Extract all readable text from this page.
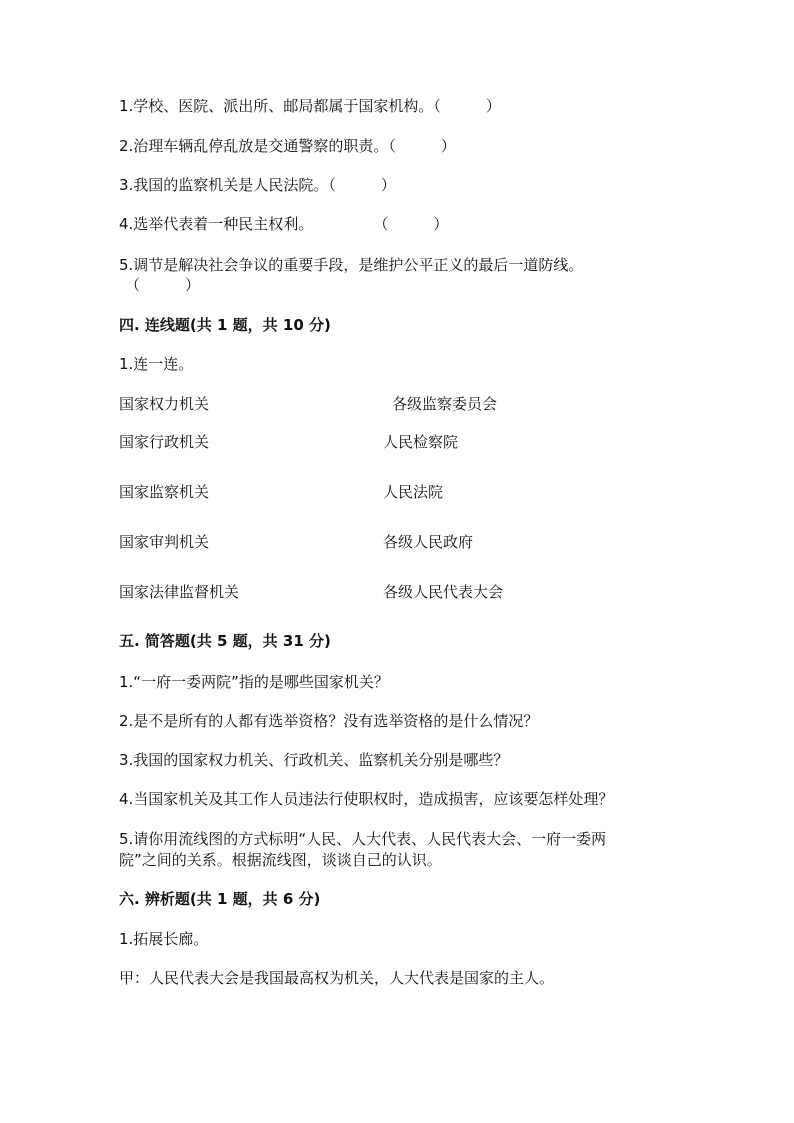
1.学校、医院、派出所、邮局都属于国家机构。（　　　）
2.治理车辆乱停乱放是交通警察的职责。（　　　）
3.我国的监察机关是人民法院。（　　　）
4.选举代表着一种民主权利。　　　　　（　　　）
5.调节是解决社会争议的重要手段，是维护公平正义的最后一道防线。
（　　　）
四. 连线题(共 1 题，共 10 分)
1.连一连。
国家权力机关
国家行政机关
国家监察机关
国家审判机关
国家法律监督机关
各级监察委员会
人民检察院
人民法院
各级人民政府
各级人民代表大会
五. 简答题(共 5 题，共 31 分)
1.“一府一委两院”指的是哪些国家机关？
2.是不是所有的人都有选举资格？没有选举资格的是什么情况？
3.我国的国家权力机关、行政机关、监察机关分别是哪些？
4.当国家机关及其工作人员违法行使职权时，造成损害，应该要怎样处理？
5.请你用流线图的方式标明“人民、人大代表、人民代表大会、一府一委两
院”之间的关系。根据流线图，谈谈自己的认识。
六. 辨析题(共 1 题，共 6 分)
1.拓展长廊。
甲：人民代表大会是我国最高权为机关，人大代表是国家的主人。
